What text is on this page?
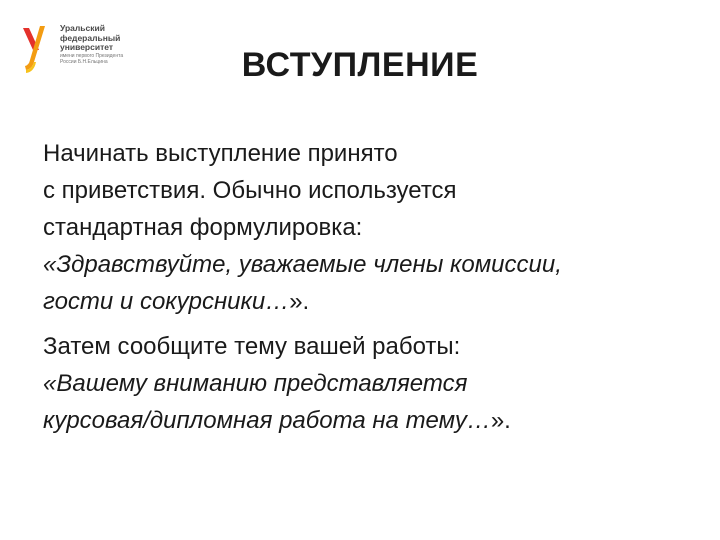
Уральский
федеральный
университет
имени первого Президента
России Б.Н.Ельцина	ВСТУПЛЕНИЕ

Начинать выступление принято
с приветствия. Обычно используется
стандартная формулировка:
«Здравствуйте, уважаемые члены комиссии,
гости и сокурсники…».

Затем сообщите тему вашей работы:
«Вашему вниманию представляется
курсовая/дипломная работа на тему…».
